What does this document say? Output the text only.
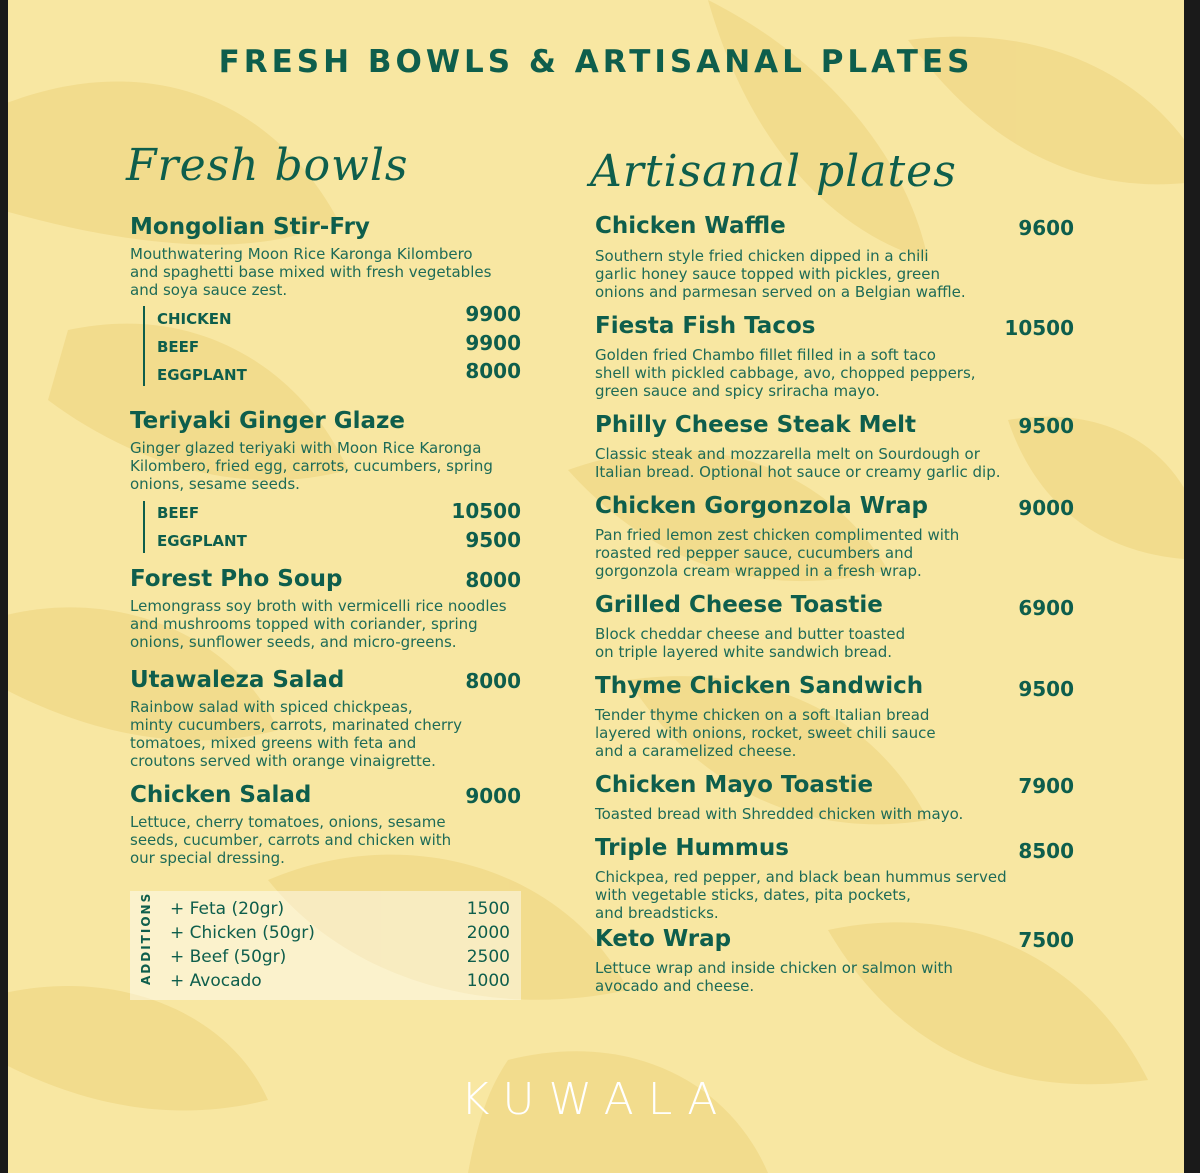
FRESH BOWLS & ARTISANAL PLATES
Fresh bowls	Artisanal plates
Mongolian Stir-Fry
Mouthwatering Moon Rice Karonga Kilombero
and spaghetti base mixed with fresh vegetables
and soya sauce zest.
CHICKEN	9900
BEEF	9900
EGGPLANT	8000
Teriyaki Ginger Glaze
Ginger glazed teriyaki with Moon Rice Karonga
Kilombero, fried egg, carrots, cucumbers, spring
onions, sesame seeds.
BEEF	10500
EGGPLANT	9500
Forest Pho Soup	8000
Lemongrass soy broth with vermicelli rice noodles
and mushrooms topped with coriander, spring
onions, sunflower seeds, and micro-greens.
Utawaleza Salad	8000
Rainbow salad with spiced chickpeas,
minty cucumbers, carrots, marinated cherry
tomatoes, mixed greens with feta and
croutons served with orange vinaigrette.
Chicken Salad	9000
Lettuce, cherry tomatoes, onions, sesame
seeds, cucumber, carrots and chicken with
our special dressing.
ADDITIONS + Feta (20gr)	1500
+ Chicken (50gr)	2000
+ Beef (50gr)	2500
+ Avocado	1000
Chicken Waffle	9600
Southern style fried chicken dipped in a chili
garlic honey sauce topped with pickles, green
onions and parmesan served on a Belgian waffle.
Fiesta Fish Tacos	10500
Golden fried Chambo fillet filled in a soft taco
shell with pickled cabbage, avo, chopped peppers,
green sauce and spicy sriracha mayo.
Philly Cheese Steak Melt	9500
Classic steak and mozzarella melt on Sourdough or
Italian bread. Optional hot sauce or creamy garlic dip.
Chicken Gorgonzola Wrap	9000
Pan fried lemon zest chicken complimented with
roasted red pepper sauce, cucumbers and
gorgonzola cream wrapped in a fresh wrap.
Grilled Cheese Toastie	6900
Block cheddar cheese and butter toasted
on triple layered white sandwich bread.
Thyme Chicken Sandwich	9500
Tender thyme chicken on a soft Italian bread
layered with onions, rocket, sweet chili sauce
and a caramelized cheese.
Chicken Mayo Toastie	7900
Toasted bread with Shredded chicken with mayo.
Triple Hummus	8500
Chickpea, red pepper, and black bean hummus served
with vegetable sticks, dates, pita pockets,
and breadsticks.
Keto Wrap	7500
Lettuce wrap and inside chicken or salmon with
avocado and cheese.
KUWALA
